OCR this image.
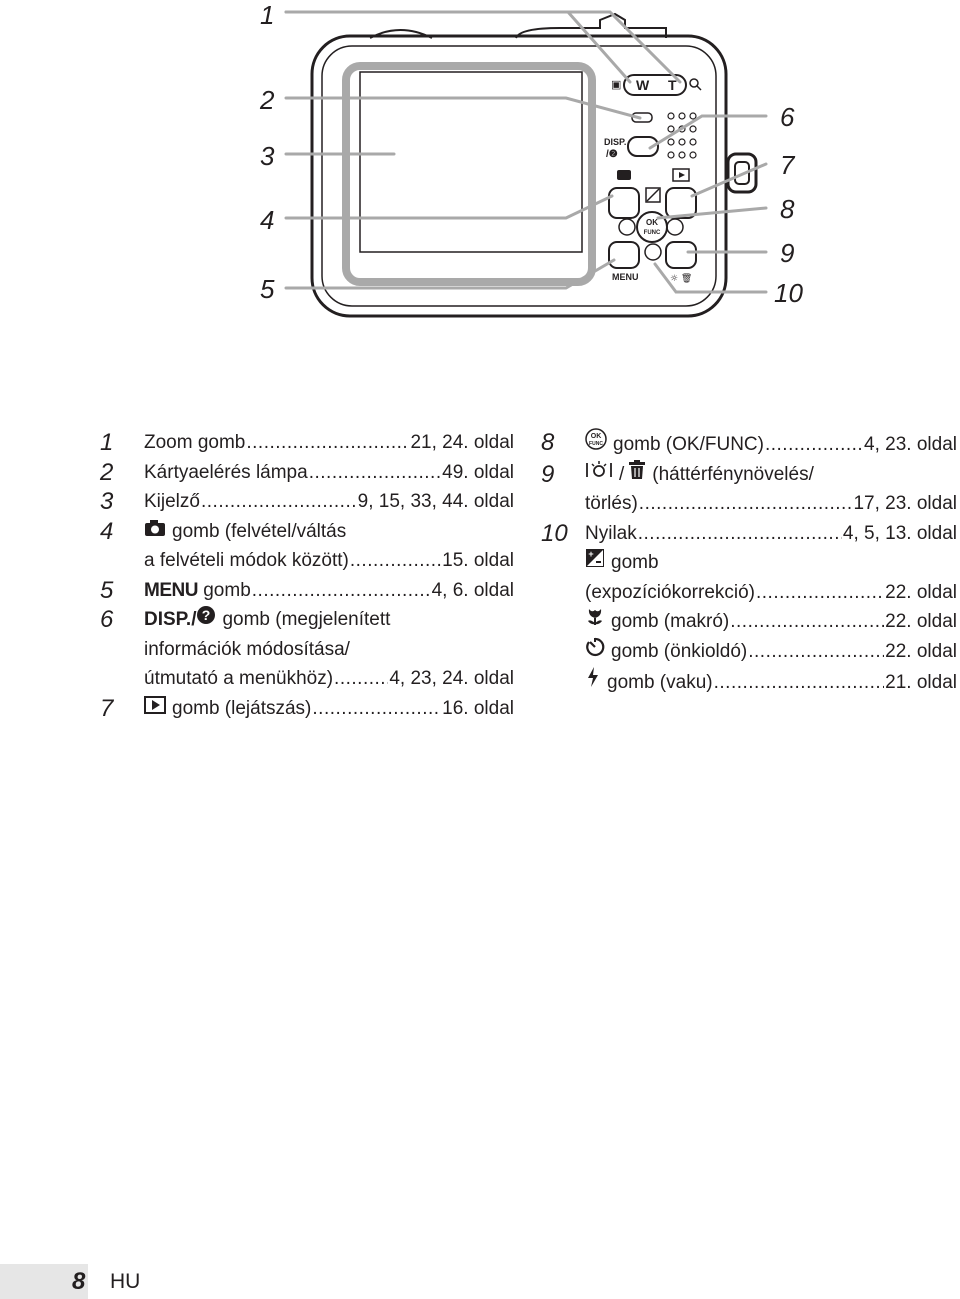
OLYMPUS
▣ W T
DISP.
/❷
OK
FUNC
MENU	☼ 🗑
1
2
3
4
5
6
7
8
9
10
1 Zoom gomb .....	21, 24. oldal
2 Kártyaelérés lámpa .....	49. oldal
3 Kijelző .....	9, 15, 33, 44. oldal
4	gomb (felvétel/váltás
a felvételi módok között) .....	15. oldal
5 MENU gomb .....	4, 6. oldal
6 DISP. / ? gomb (megjelenített
információk módosítása/
útmutató a menükhöz) .....	4, 23, 24. oldal
7	gomb (lejátszás) .....	16. oldal
8	OK
FUNC gomb (OK/FUNC) .....	4, 23. oldal
9	/ (háttérfénynövelés/
törlés) .....	17, 23. oldal
10 Nyilak .....	4, 5, 13. oldal
+ gomb
(expozíciókorrekció) .....	22. oldal
gomb (makró) .....	22. oldal
gomb (önkioldó) .....	22. oldal
gomb (vaku) .....	21. oldal
8 HU
